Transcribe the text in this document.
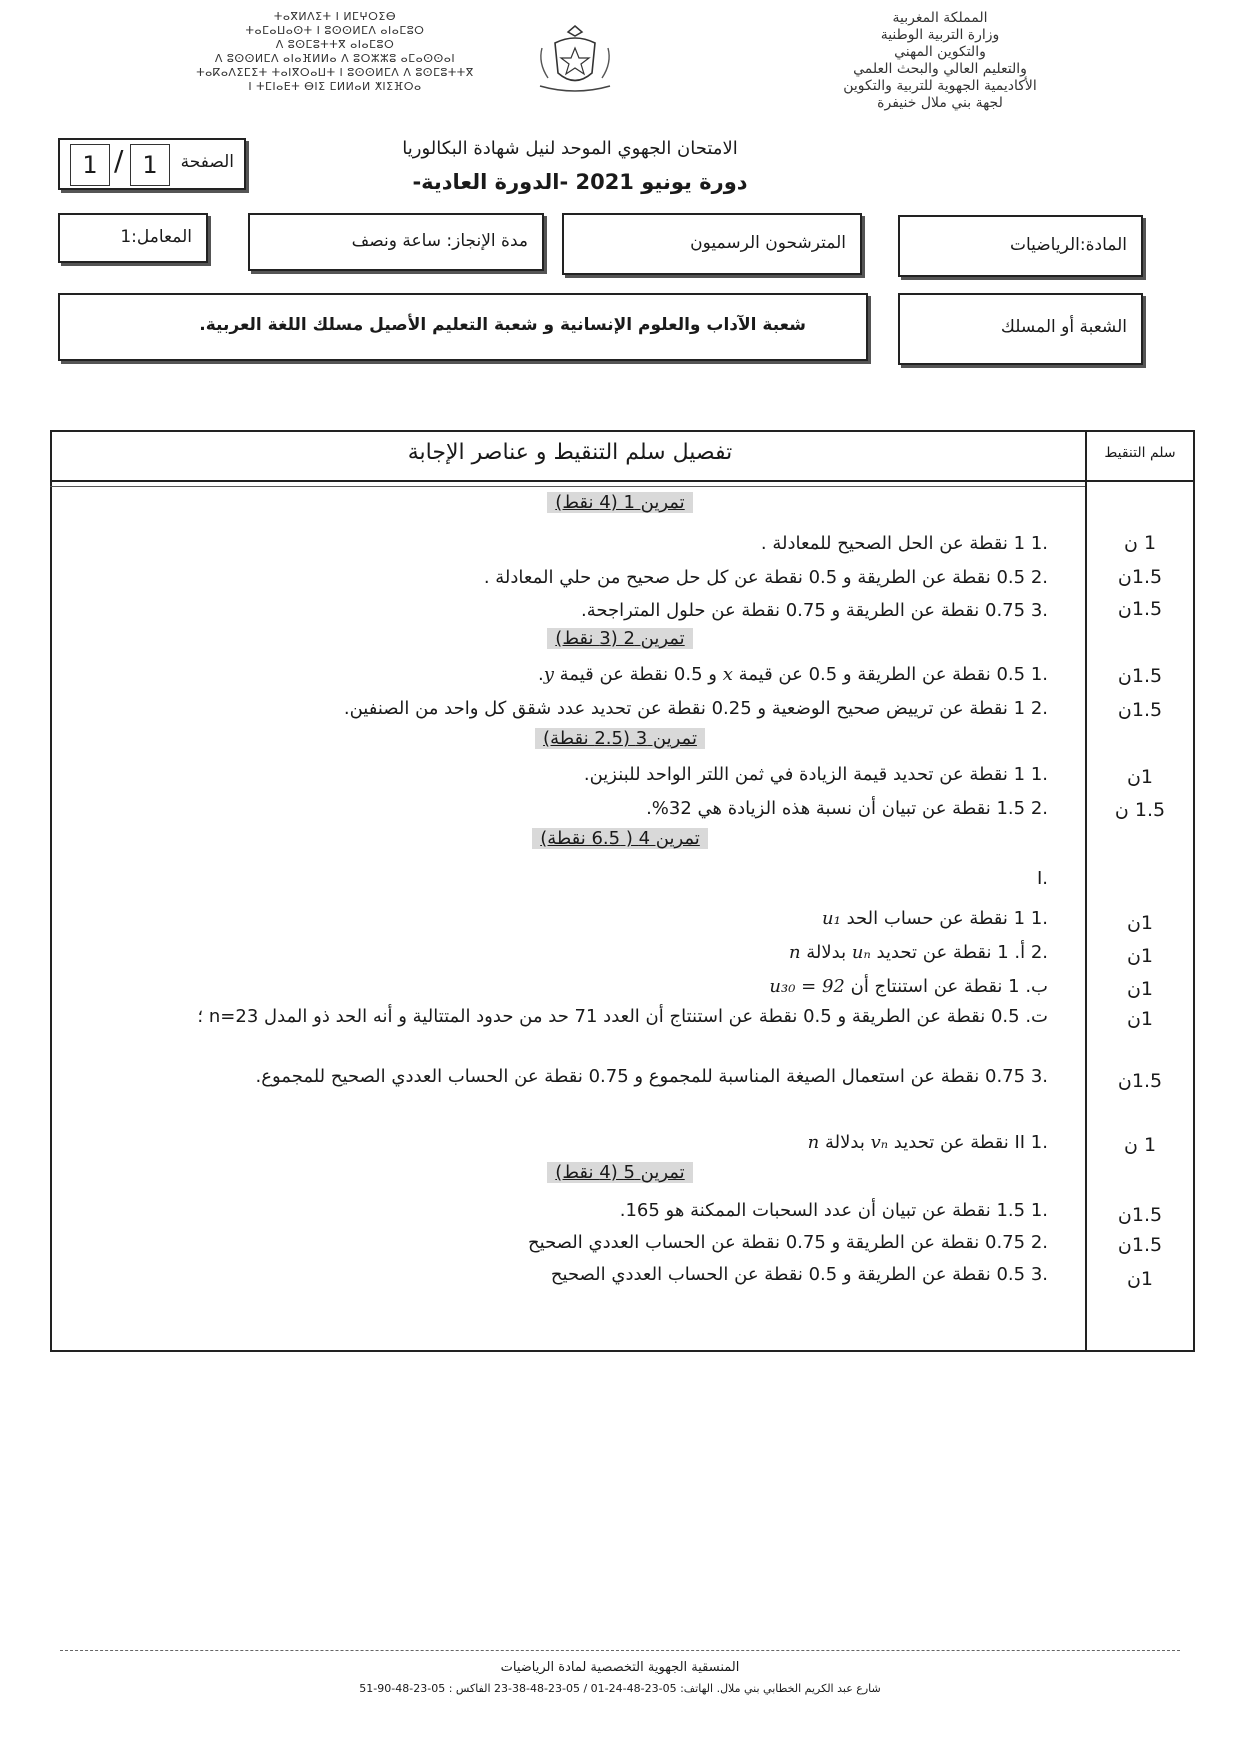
المملكة المغربية
وزارة التربية الوطنية
والتكوين المهني
والتعليم العالي والبحث العلمي
الأكاديمية الجهوية للتربية والتكوين
لجهة بني ملال خنيفرة
ⵜⴰⴳⵍⴷⵉⵜ ⵏ ⵍⵎⵖⵔⵉⴱ
ⵜⴰⵎⴰⵡⴰⵙⵜ ⵏ ⵓⵙⵙⵍⵎⴷ ⴰⵏⴰⵎⵓⵔ
ⴷ ⵓⵙⵎⵓⵜⵜⴳ ⴰⵏⴰⵎⵓⵔ
ⴷ ⵓⵙⵙⵍⵎⴷ ⴰⵏⴰⴼⵍⵍⴰ ⴷ ⵓⵔⵣⵣⵓ ⴰⵎⴰⵙⵙⴰⵏ
ⵜⴰⴽⴰⴷⵉⵎⵉⵜ ⵜⴰⵏⴳⵔⴰⵡⵜ ⵏ ⵓⵙⵙⵍⵎⴷ ⴷ ⵓⵙⵎⵓⵜⵜⴳ
ⵏ ⵜⵎⵏⴰⴹⵜ ⴱⵏⵉ ⵎⵍⵍⴰⵍ ⵅⵏⵉⴼⵔⴰ
الامتحان الجهوي الموحد لنيل شهادة البكالوريا
دورة يونيو 2021 -الدورة العادية-
الصفحة
1 / 1
المادة:الرياضيات
المترشحون الرسميون
مدة الإنجاز: ساعة ونصف
المعامل:1
الشعبة أو المسلك
شعبة الآداب والعلوم الإنسانية و شعبة التعليم الأصيل مسلك اللغة العربية.
تفصيل سلم التنقيط و عناصر الإجابة	سلم التنقيط
تمرين 1 (4 نقط)
.1 1 نقطة عن الحل الصحيح للمعادلة .	1 ن
.2 0.5 نقطة عن الطريقة و 0.5 نقطة عن كل حل صحيح من حلي المعادلة .	1.5ن
.3 0.75 نقطة عن الطريقة و 0.75 نقطة عن حلول المتراجحة.	1.5ن
تمرين 2 (3 نقط)
.1 0.5 نقطة عن الطريقة و 0.5 عن قيمة x و 0.5 نقطة عن قيمة y.	1.5ن
.2 1 نقطة عن ترييض صحيح الوضعية و 0.25 نقطة عن تحديد عدد شقق كل واحد من الصنفين.	1.5ن
تمرين 3 (2.5 نقطة)
.1 1 نقطة عن تحديد قيمة الزيادة في ثمن اللتر الواحد للبنزين.	1ن
.2 1.5 نقطة عن تبيان أن نسبة هذه الزيادة هي 32%.	1.5 ن
تمرين 4 ( 6.5 نقطة)
.I
.1 1 نقطة عن حساب الحد u₁	1ن
.2 أ. 1 نقطة عن تحديد uₙ بدلالة n	1ن
ب. 1 نقطة عن استنتاج أن u₃₀ = 92	1ن
ت. 0.5 نقطة عن الطريقة و 0.5 نقطة عن استنتاج أن العدد 71 حد من حدود المتتالية و أنه الحد ذو المدل n=23 ؛	1ن
.3 0.75 نقطة عن استعمال الصيغة المناسبة للمجموع و 0.75 نقطة عن الحساب العددي الصحيح للمجموع.	1.5ن
.II 1 نقطة عن تحديد vₙ بدلالة n	1 ن
تمرين 5 (4 نقط)
.1 1.5 نقطة عن تبيان أن عدد السحبات الممكنة هو 165.	1.5ن
.2 0.75 نقطة عن الطريقة و 0.75 نقطة عن الحساب العددي الصحيح	1.5ن
.3 0.5 نقطة عن الطريقة و 0.5 نقطة عن الحساب العددي الصحيح	1ن
المنسقية الجهوية التخصصية لمادة الرياضيات
شارع عبد الكريم الخطابي بني ملال. الهاتف: 05-23-48-24-01 / 05-23-48-38-23 الفاكس : 05-23-48-90-51
